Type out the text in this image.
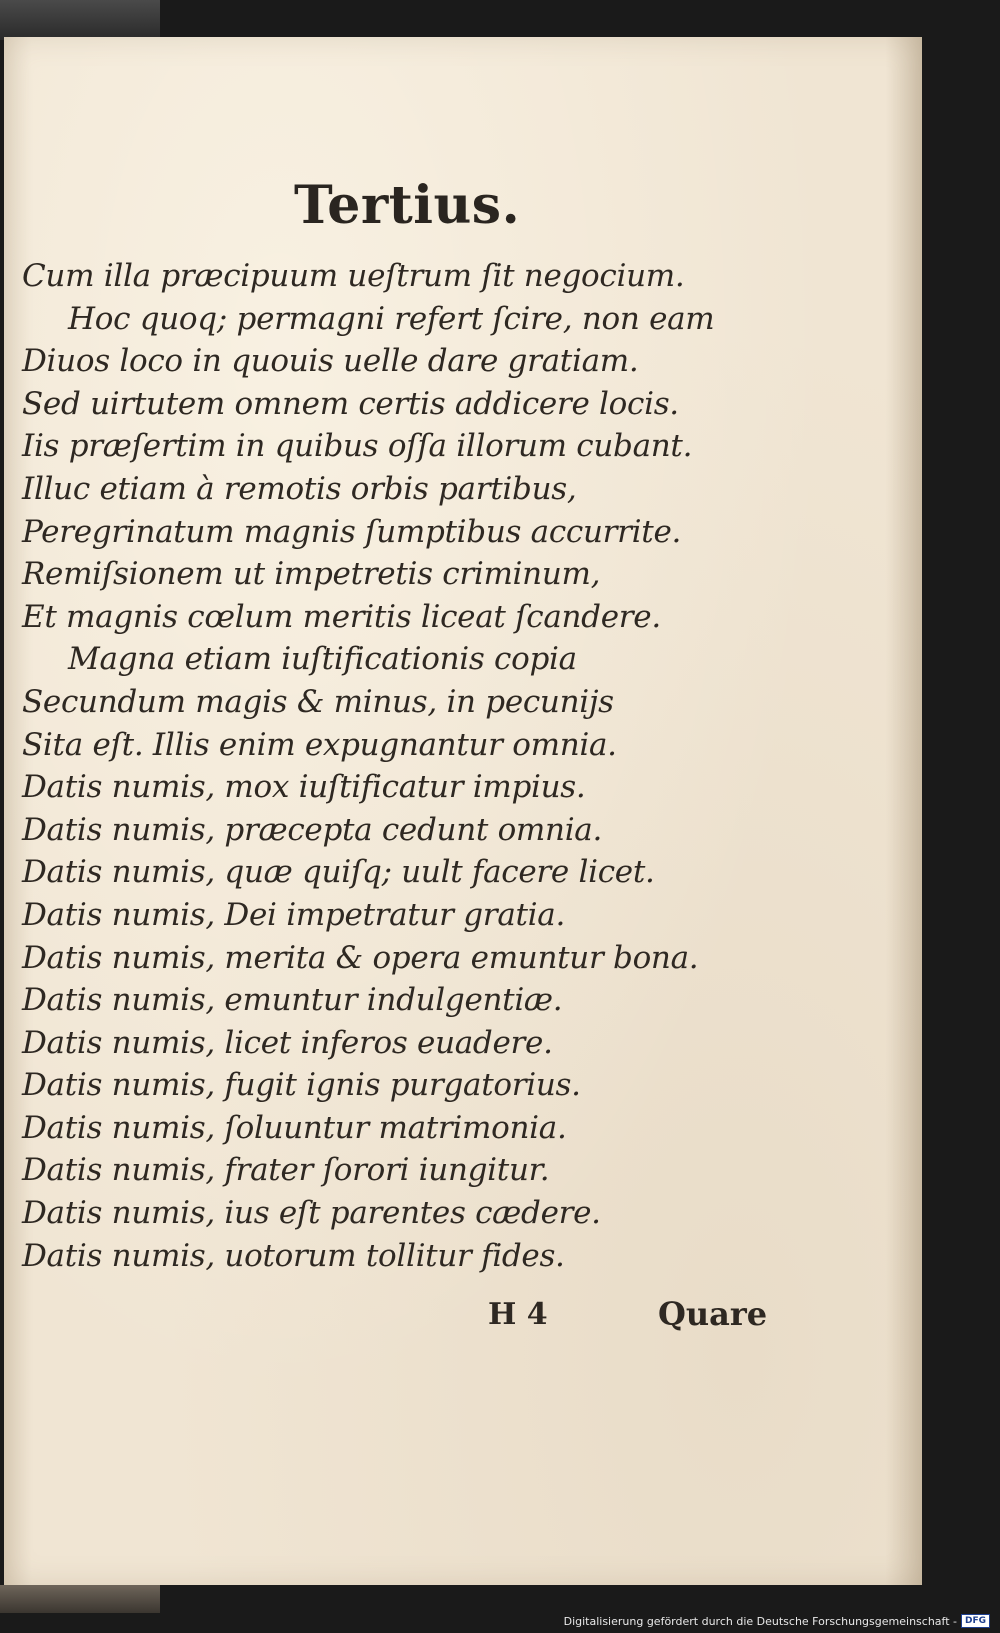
Tertius.
Cum illa præcipuum ueſtrum ſit negocium.
Hoc quoq; permagni refert ſcire, non eam
Diuos loco in quouis uelle dare gratiam.
Sed uirtutem omnem certis addicere locis.
Iis præſertim in quibus oſſa illorum cubant.
Illuc etiam à remotis orbis partibus,
Peregrinatum magnis ſumptibus accurrite.
Remiſsionem ut impetretis criminum,
Et magnis cœlum meritis liceat ſcandere.
Magna etiam iuſtificationis copia
Secundum magis & minus, in pecunijs
Sita eſt. Illis enim expugnantur omnia.
Datis numis, mox iuſtificatur impius.
Datis numis, præcepta cedunt omnia.
Datis numis, quæ quiſq; uult facere licet.
Datis numis, Dei impetratur gratia.
Datis numis, merita & opera emuntur bona.
Datis numis, emuntur indulgentiæ.
Datis numis, licet inferos euadere.
Datis numis, fugit ignis purgatorius.
Datis numis, ſoluuntur matrimonia.
Datis numis, frater ſorori iungitur.
Datis numis, ius eſt parentes cædere.
Datis numis, uotorum tollitur fides.
H 4	Quare
Digitalisierung gefördert durch die Deutsche Forschungsgemeinschaft - DFG
